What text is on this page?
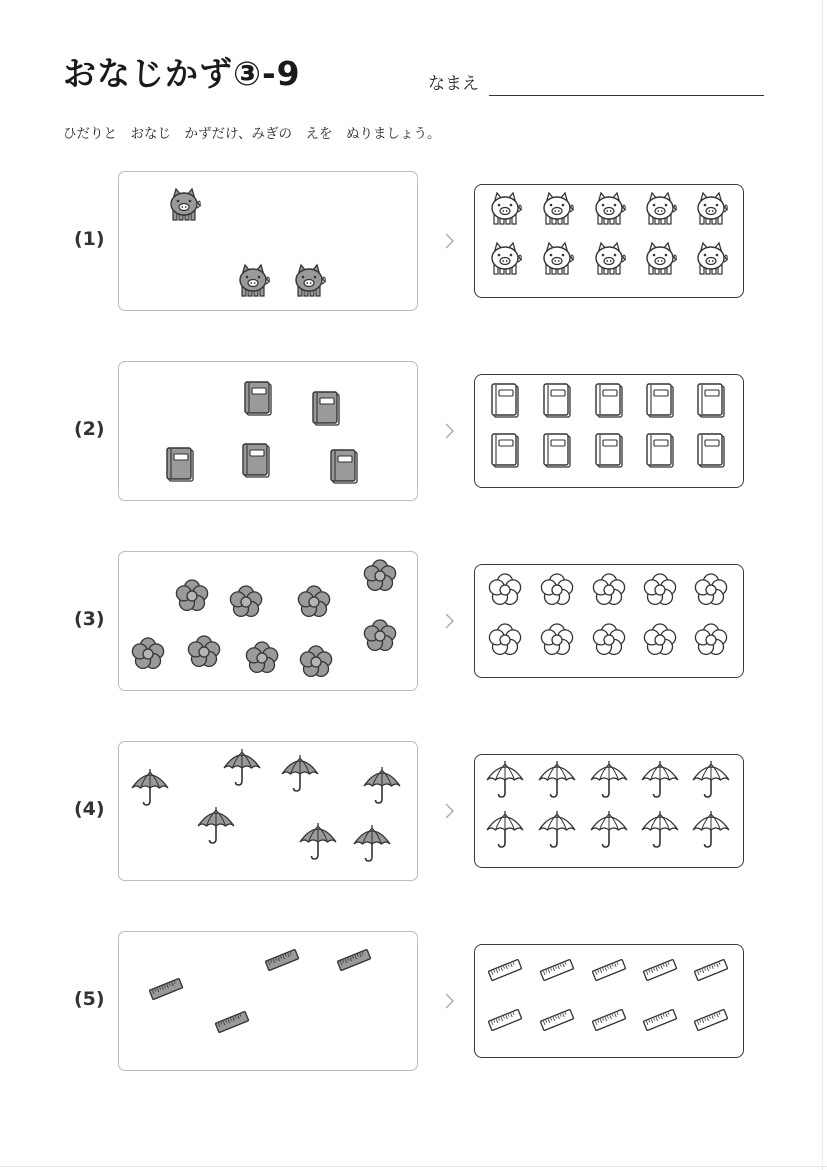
おなじかず③-9	なまえ
ひだりと　おなじ　かずだけ、みぎの　えを　ぬりましょう。
(1)
(2)
(3)
(4)
(5)
